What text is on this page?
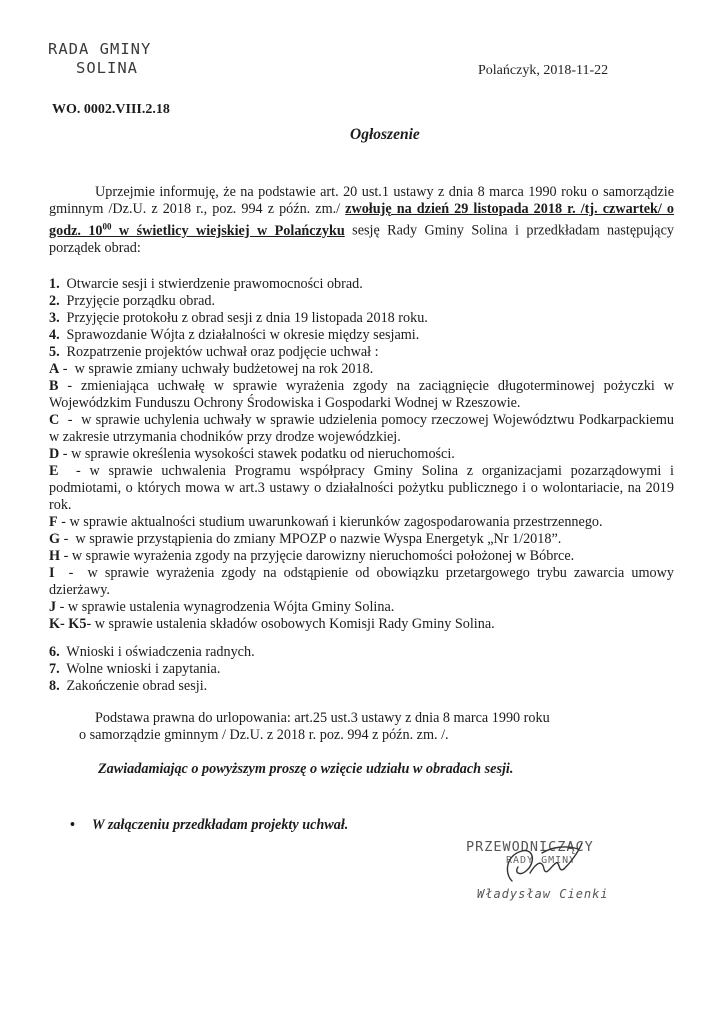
RADA GMINY
SOLINA	Polańczyk, 2018-11-22
WO. 0002.VIII.2.18
Ogłoszenie

Uprzejmie informuję, że na podstawie art. 20 ust.1 ustawy z dnia 8 marca 1990 roku o samorządzie gminnym /Dz.U. z 2018 r., poz. 994 z późn. zm./ zwołuję na dzień 29 listopada 2018 r. /tj. czwartek/ o godz. $10^{00}$ w świetlicy wiejskiej w Polańczyku sesję Rady Gminy Solina i przedkładam następujący porządek obrad:

1. Otwarcie sesji i stwierdzenie prawomocności obrad.
2. Przyjęcie porządku obrad.
3. Przyjęcie protokołu z obrad sesji z dnia 19 listopada 2018 roku.
4. Sprawozdanie Wójta z działalności w okresie między sesjami.
5. Rozpatrzenie projektów uchwał oraz podjęcie uchwał :
A -  w sprawie zmiany uchwały budżetowej na rok 2018.
B - zmieniająca uchwałę w sprawie wyrażenia zgody na zaciągnięcie długoterminowej pożyczki w Wojewódzkim Funduszu Ochrony Środowiska i Gospodarki Wodnej w Rzeszowie.
C  -  w sprawie uchylenia uchwały w sprawie udzielenia pomocy rzeczowej Województwu Podkarpackiemu w zakresie utrzymania chodników przy drodze wojewódzkiej.
D - w sprawie określenia wysokości stawek podatku od nieruchomości.
E  - w sprawie uchwalenia Programu współpracy Gminy Solina z organizacjami pozarządowymi i podmiotami, o których mowa w art.3 ustawy o działalności pożytku publicznego i o wolontariacie, na 2019 rok.
F - w sprawie aktualności studium uwarunkowań i kierunków zagospodarowania przestrzennego.
G -  w sprawie przystąpienia do zmiany MPOZP o nazwie Wyspa Energetyk „Nr 1/2018”.
H - w sprawie wyrażenia zgody na przyjęcie darowizny nieruchomości położonej w Bóbrce.
I  -  w sprawie wyrażenia zgody na odstąpienie od obowiązku przetargowego trybu zawarcia umowy dzierżawy.
J - w sprawie ustalenia wynagrodzenia Wójta Gminy Solina.
K- K5- w sprawie ustalenia składów osobowych Komisji Rady Gminy Solina.
6. Wnioski i oświadczenia radnych.
7. Wolne wnioski i zapytania.
8. Zakończenie obrad sesji.

Podstawa prawna do urlopowania: art.25 ust.3 ustawy z dnia 8 marca 1990 roku

o samorządzie gminnym / Dz.U. z 2018 r. poz. 994 z późn. zm. /.

Zawiadamiając o powyższym proszę o wzięcie udziału w obradach sesji.
• W załączeniu przedkładam projekty uchwał.
PRZEWODNICZĄCY
RADY GMINY
Władysław Cienki
